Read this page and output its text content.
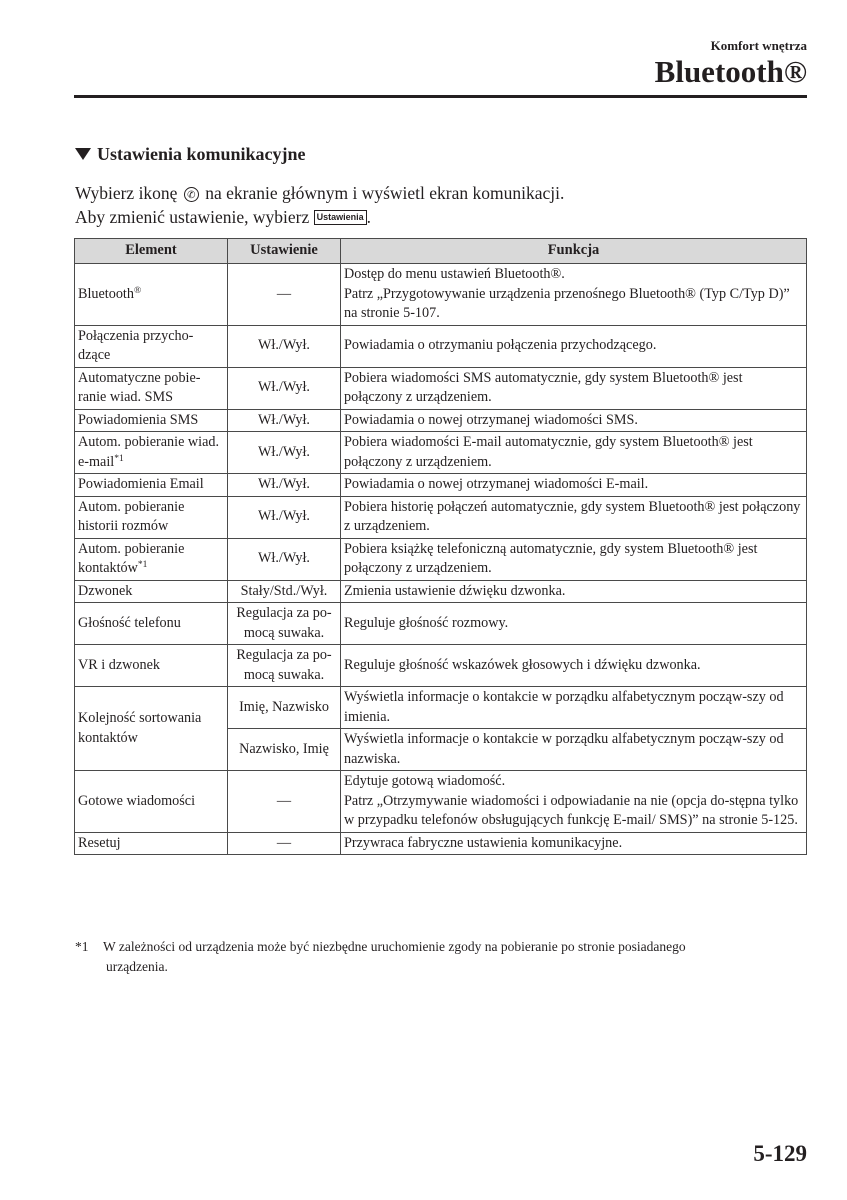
Komfort wnętrza
Bluetooth®
Ustawienia komunikacyjne
Wybierz ikonę ✆ na ekranie głównym i wyświetl ekran komunikacji.
Aby zmienić ustawienie, wybierz Ustawienia .
Element	Ustawienie	Funkcja
Bluetooth®	—	Dostęp do menu ustawień Bluetooth®.
Patrz „Przygotowywanie urządzenia przenośnego Bluetooth® (Typ C/Typ D)” na stronie 5-107.

Połączenia przycho-dzące	Wł./Wył.	Powiadamia o otrzymaniu połączenia przychodzącego.
Automatyczne pobie-ranie wiad. SMS	Wł./Wył.	Pobiera wiadomości SMS automatycznie, gdy system Bluetooth® jest połączony z urządzeniem.
Powiadomienia SMS	Wł./Wył.	Powiadamia o nowej otrzymanej wiadomości SMS.
Autom. pobieranie wiad. e-mail$^{*1}$	Wł./Wył.	Pobiera wiadomości E-mail automatycznie, gdy system Bluetooth® jest połączony z urządzeniem.
Powiadomienia Email	Wł./Wył.	Powiadamia o nowej otrzymanej wiadomości E-mail.
Autom. pobieranie historii rozmów	Wł./Wył.	Pobiera historię połączeń automatycznie, gdy system Bluetooth® jest połączony z urządzeniem.
Autom. pobieranie kontaktów$^{*1}$	Wł./Wył.	Pobiera książkę telefoniczną automatycznie, gdy system Bluetooth® jest połączony z urządzeniem.
Dzwonek	Stały/Std./Wył.	Zmienia ustawienie dźwięku dzwonka.
Głośność telefonu	Regulacja za po-mocą suwaka.	Reguluje głośność rozmowy.
VR i dzwonek	Regulacja za po-mocą suwaka.	Reguluje głośność wskazówek głosowych i dźwięku dzwonka.
Kolejność sortowania kontaktów	Imię, Nazwisko	Wyświetla informacje o kontakcie w porządku alfabetycznym począw-szy od imienia.
	Nazwisko, Imię	Wyświetla informacje o kontakcie w porządku alfabetycznym począw-szy od nazwiska.
Gotowe wiadomości	—	Edytuje gotową wiadomość.
Patrz „Otrzymywanie wiadomości i odpowiadanie na nie (opcja do-stępna tylko w przypadku telefonów obsługujących funkcję E-mail/ SMS)” na stronie 5-125.

Resetuj	—	Przywraca fabryczne ustawienia komunikacyjne.
*1 W zależności od urządzenia może być niezbędne uruchomienie zgody na pobieranie po stronie posiadanego
urządzenia.
5-129
